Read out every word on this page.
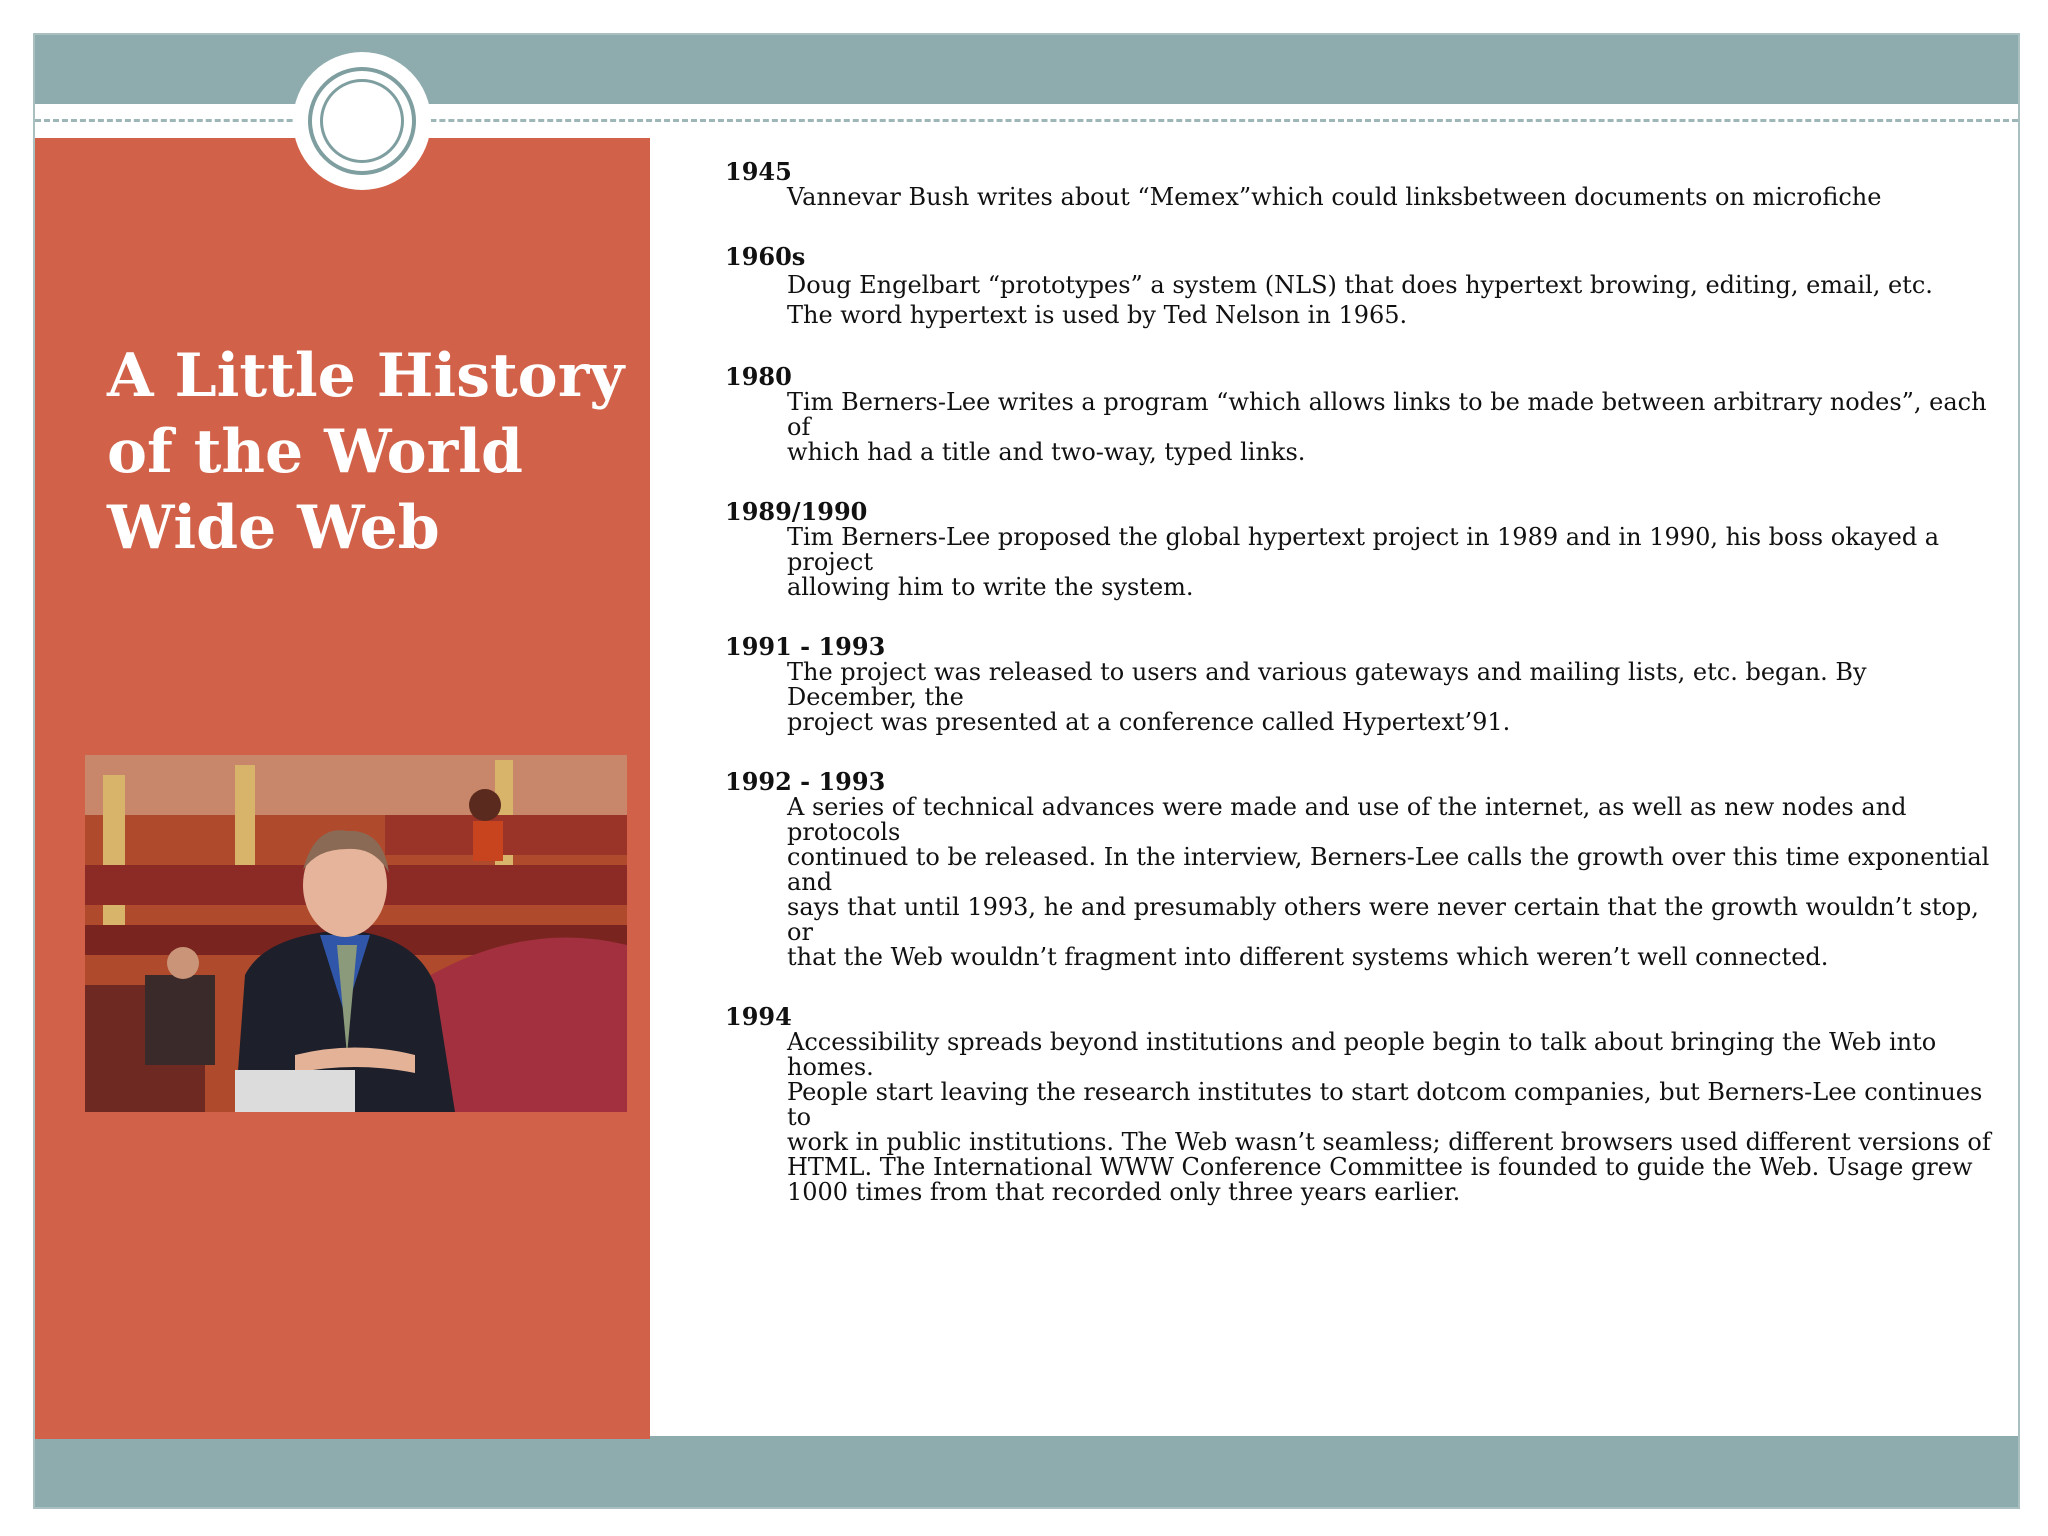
A Little History of the World Wide Web
1945
Vannevar Bush writes about “Memex”which could linksbetween documents on microfiche
1960s
Doug Engelbart “prototypes” a system (NLS) that does hypertext browing, editing, email, etc.
The word hypertext is used by Ted Nelson in 1965.
1980
Tim Berners-Lee writes a program “which allows links to be made between arbitrary nodes”, each of
which had a title and two-way, typed links.
1989/1990
Tim Berners-Lee proposed the global hypertext project in 1989 and in 1990, his boss okayed a project
allowing him to write the system.
1991 - 1993
The project was released to users and various gateways and mailing lists, etc. began. By December, the
project was presented at a conference called Hypertext’91.
1992 - 1993
A series of technical advances were made and use of the internet, as well as new nodes and protocols
continued to be released. In the interview, Berners-Lee calls the growth over this time exponential and
says that until 1993, he and presumably others were never certain that the growth wouldn’t stop, or
that the Web wouldn’t fragment into different systems which weren’t well connected.
1994
Accessibility spreads beyond institutions and people begin to talk about bringing the Web into homes.
People start leaving the research institutes to start dotcom companies, but Berners-Lee continues to
work in public institutions. The Web wasn’t seamless; different browsers used different versions of
HTML. The International WWW Conference Committee is founded to guide the Web. Usage grew
1000 times from that recorded only three years earlier.
